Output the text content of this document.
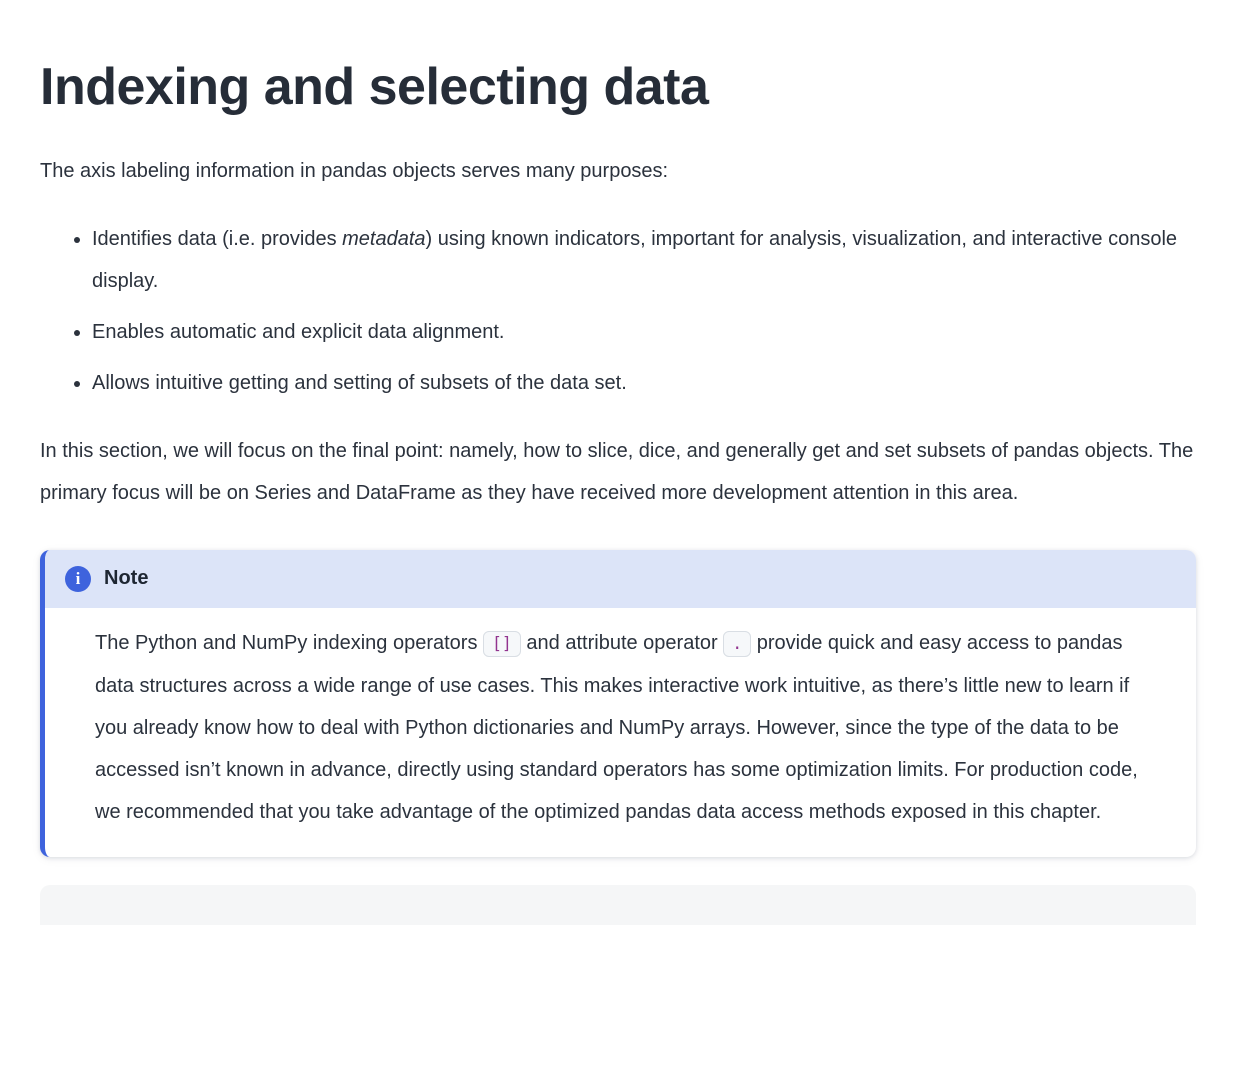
Indexing and selecting data

The axis labeling information in pandas objects serves many purposes:

• Identifies data (i.e. provides metadata) using known indicators, important for analysis, visualization, and interactive console display.
• Enables automatic and explicit data alignment.
• Allows intuitive getting and setting of subsets of the data set.

In this section, we will focus on the final point: namely, how to slice, dice, and generally get and set subsets of pandas objects. The primary focus will be on Series and DataFrame as they have received more development attention in this area.

i	Note
The Python and NumPy indexing operators [] and attribute operator . provide quick and easy access to pandas data structures across a wide range of use cases. This makes interactive work intuitive, as there’s little new to learn if you already know how to deal with Python dictionaries and NumPy arrays. However, since the type of the data to be accessed isn’t known in advance, directly using standard operators has some optimization limits. For production code, we recommended that you take advantage of the optimized pandas data access methods exposed in this chapter.
